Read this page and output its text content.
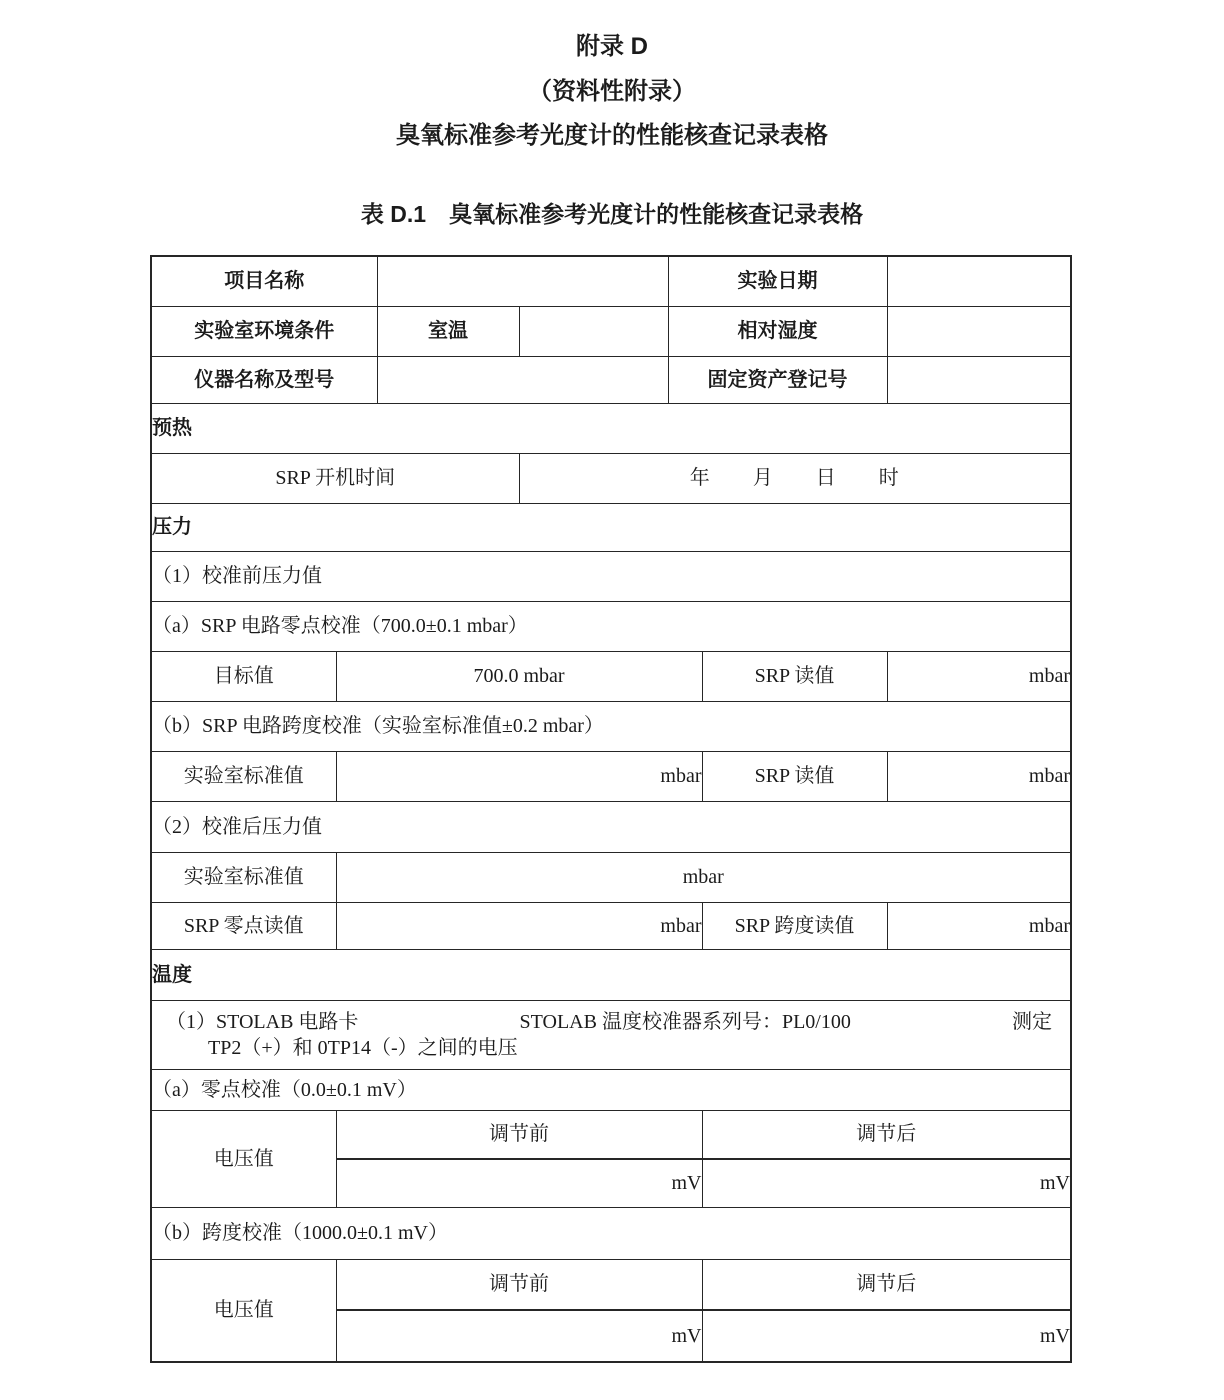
附录 D
（资料性附录）
臭氧标准参考光度计的性能核查记录表格
表 D.1　臭氧标准参考光度计的性能核查记录表格
项目名称				实验日期		
实验室环境条件		室温		相对湿度		
仪器名称及型号				固定资产登记号		
预热						
SRP 开机时间			年　　月　　日　　时			
压力						
（1）校准前压力值						
（a）SRP 电路零点校准（700.0±0.1 mbar）						
目标值	700.0 mbar				SRP 读值	mbar
（b）SRP 电路跨度校准（实验室标准值±0.2 mbar）						
实验室标准值	mbar				SRP 读值	mbar
（2）校准后压力值						
实验室标准值	mbar					
SRP 零点读值	mbar				SRP 跨度读值	mbar
温度						

（1）STOLAB 电路卡 STOLAB 温度校准器系列号：PL0/100 测定
TP2（+）和 0TP14（-）之间的电压						

（a）零点校准（0.0±0.1 mV）						
电压值	调节前				调节后	
	mV				mV	
（b）跨度校准（1000.0±0.1 mV）						
电压值	调节前				调节后	
	mV				mV	
